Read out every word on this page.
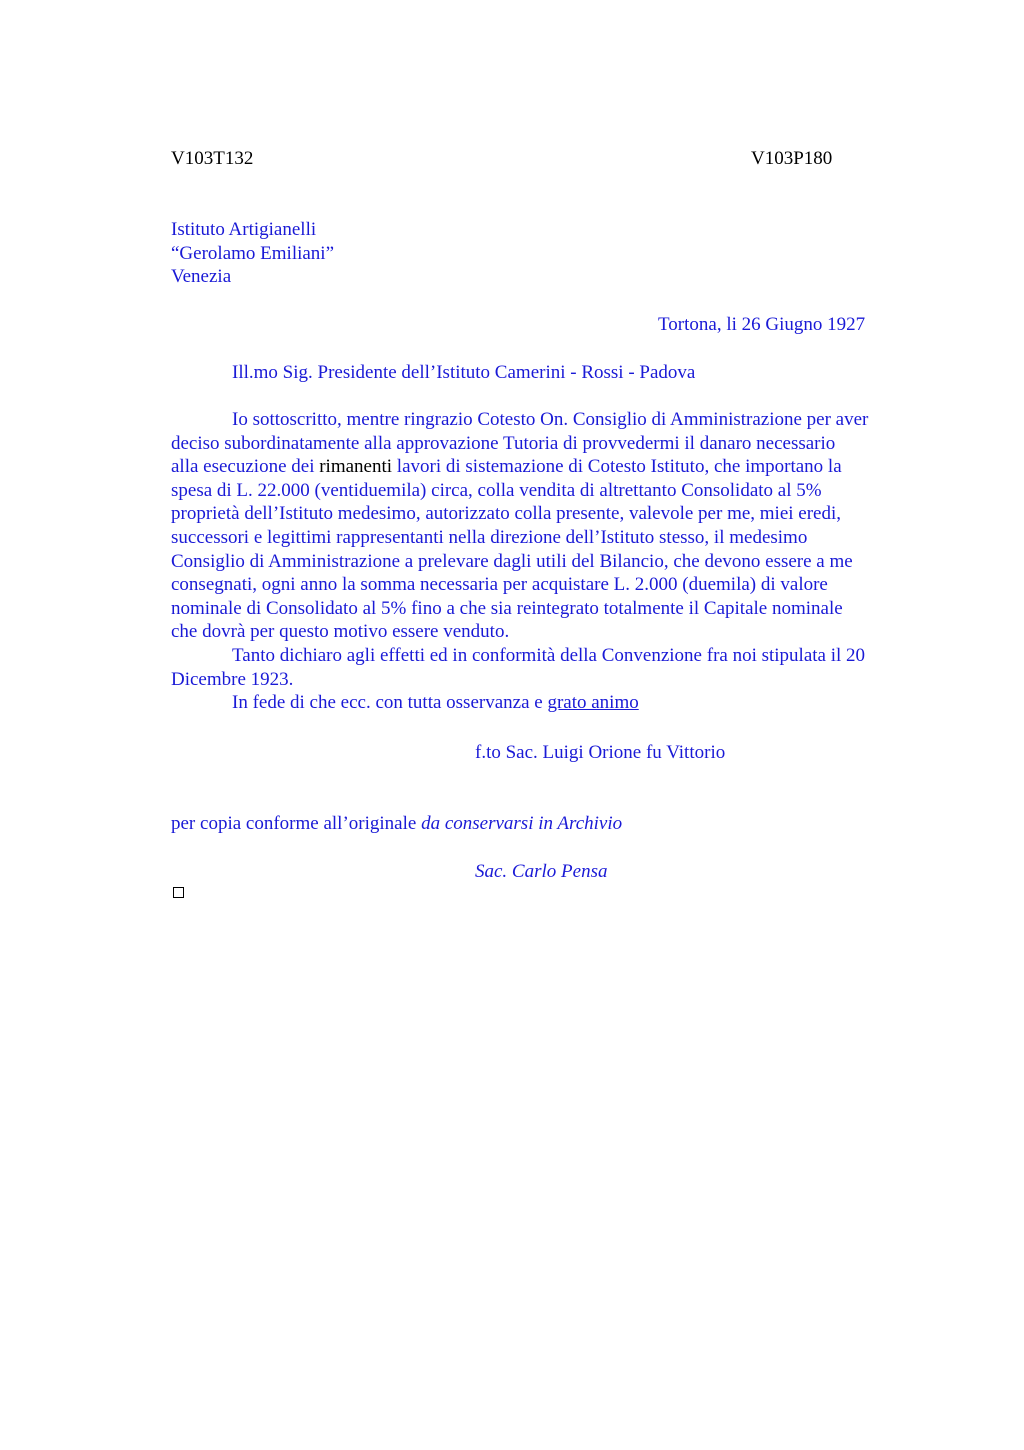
V103T132	V103P180
Istituto Artigianelli
“Gerolamo Emiliani”
Venezia
Tortona, li 26 Giugno 1927
Ill.mo Sig. Presidente dell’Istituto Camerini - Rossi - Padova
Io sottoscritto, mentre ringrazio Cotesto On. Consiglio di Amministrazione per aver
deciso subordinatamente alla approvazione Tutoria di provvedermi il danaro necessario
alla esecuzione dei rimanenti lavori di sistemazione di Cotesto Istituto, che importano la
spesa di L. 22.000 (ventiduemila) circa, colla vendita di altrettanto Consolidato al 5%
proprietà dell’Istituto medesimo, autorizzato colla presente, valevole per me, miei eredi,
successori e legittimi rappresentanti nella direzione dell’Istituto stesso, il medesimo
Consiglio di Amministrazione a prelevare dagli utili del Bilancio, che devono essere a me
consegnati, ogni anno la somma necessaria per acquistare L. 2.000 (duemila) di valore
nominale di Consolidato al 5% fino a che sia reintegrato totalmente il Capitale nominale
che dovrà per questo motivo essere venduto.
Tanto dichiaro agli effetti ed in conformità della Convenzione fra noi stipulata il 20
Dicembre 1923.
In fede di che ecc. con tutta osservanza e grato animo
f.to Sac. Luigi Orione fu Vittorio
per copia conforme all’originale da conservarsi in Archivio
Sac. Carlo Pensa
